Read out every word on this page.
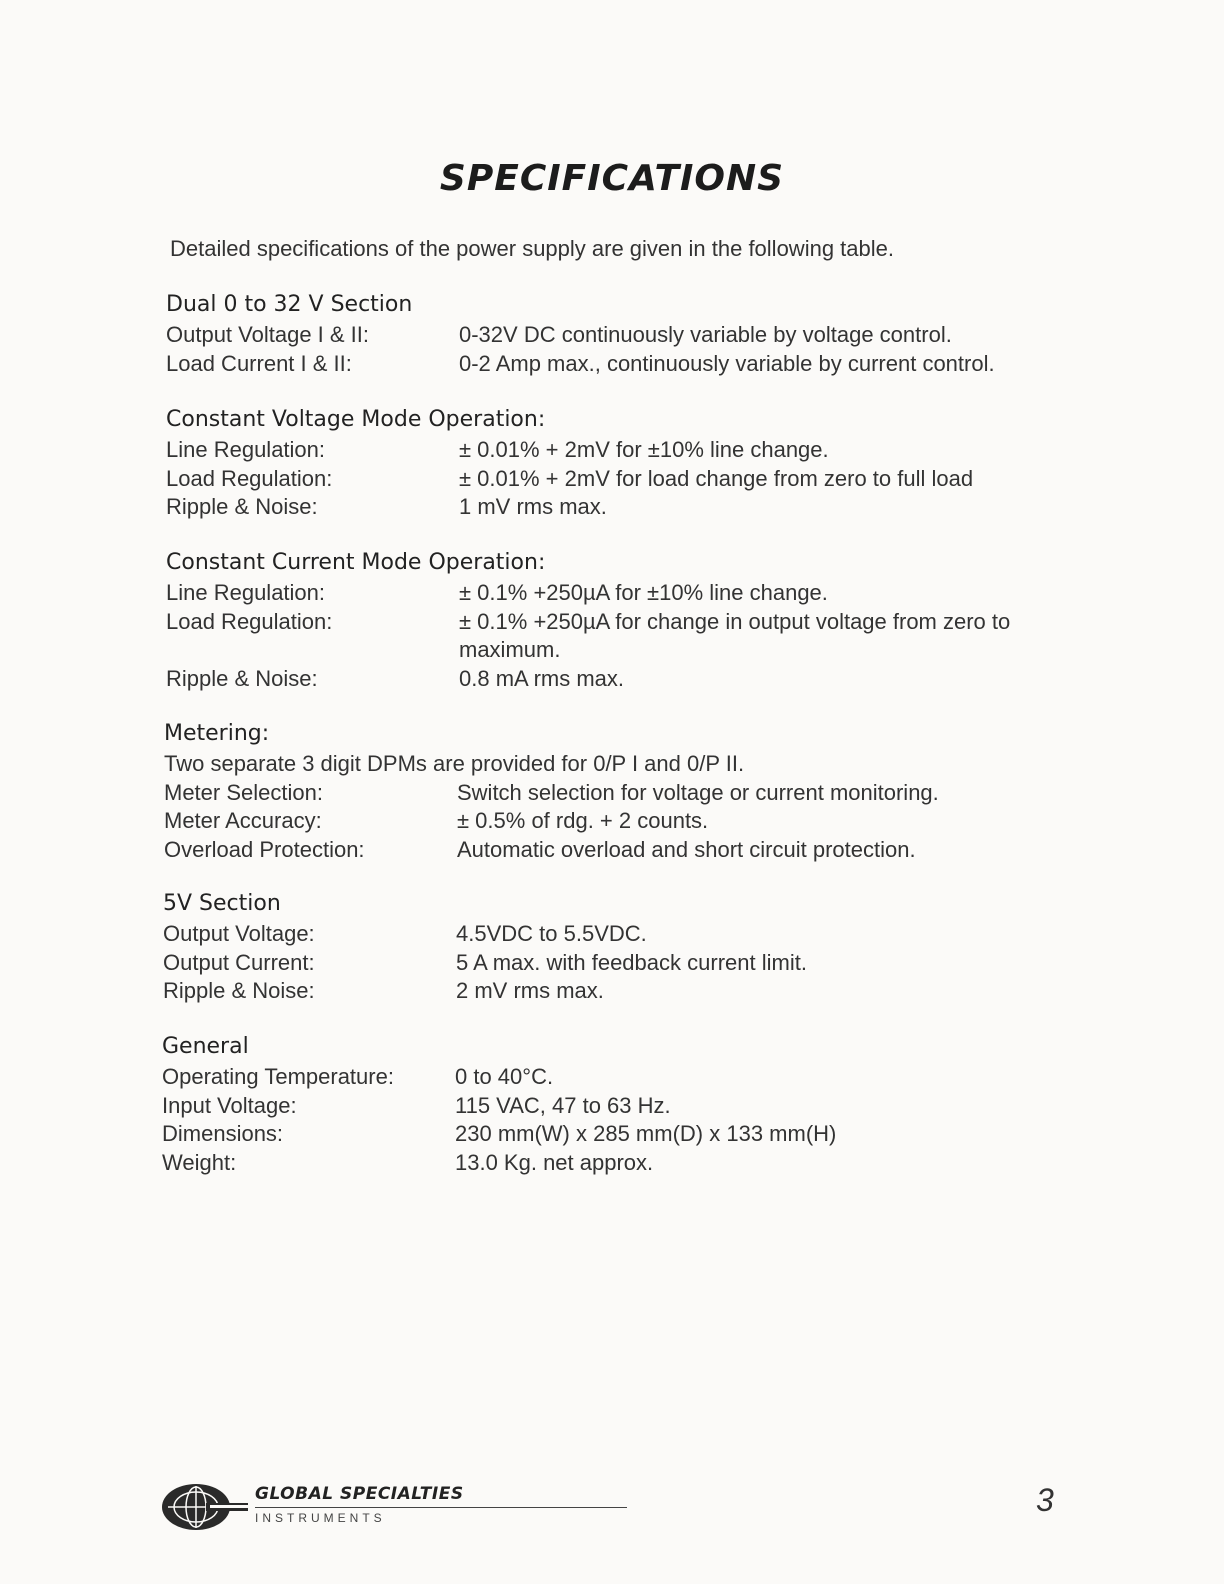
SPECIFICATIONS
Detailed specifications of the power supply are given in the following table.
Dual 0 to 32 V Section
Output Voltage I & II:	0-32V DC continuously variable by voltage control.
Load Current I & II:	0-2 Amp max., continuously variable by current control.
Constant Voltage Mode Operation:
Line Regulation:	± 0.01% + 2mV for ±10% line change.
Load Regulation:	± 0.01% + 2mV for load change from zero to full load
Ripple & Noise:	1 mV rms max.
Constant Current Mode Operation:
Line Regulation:	± 0.1% +250µA for ±10% line change.
Load Regulation:	± 0.1% +250µA for change in output voltage from zero to maximum.
Ripple & Noise:	0.8 mA rms max.
Metering:
Two separate 3 digit DPMs are provided for 0/P I and 0/P II.
Meter Selection:	Switch selection for voltage or current monitoring.
Meter Accuracy:	± 0.5% of rdg. + 2 counts.
Overload Protection:	Automatic overload and short circuit protection.
5V Section
Output Voltage:	4.5VDC to 5.5VDC.
Output Current:	5 A max. with feedback current limit.
Ripple & Noise:	2 mV rms max.
General
Operating Temperature:	0 to 40°C.
Input Voltage:	115 VAC, 47 to 63 Hz.
Dimensions:	230 mm(W) x 285 mm(D) x 133 mm(H)
Weight:	13.0 Kg. net approx.
GLOBAL SPECIALTIES
INSTRUMENTS	3
